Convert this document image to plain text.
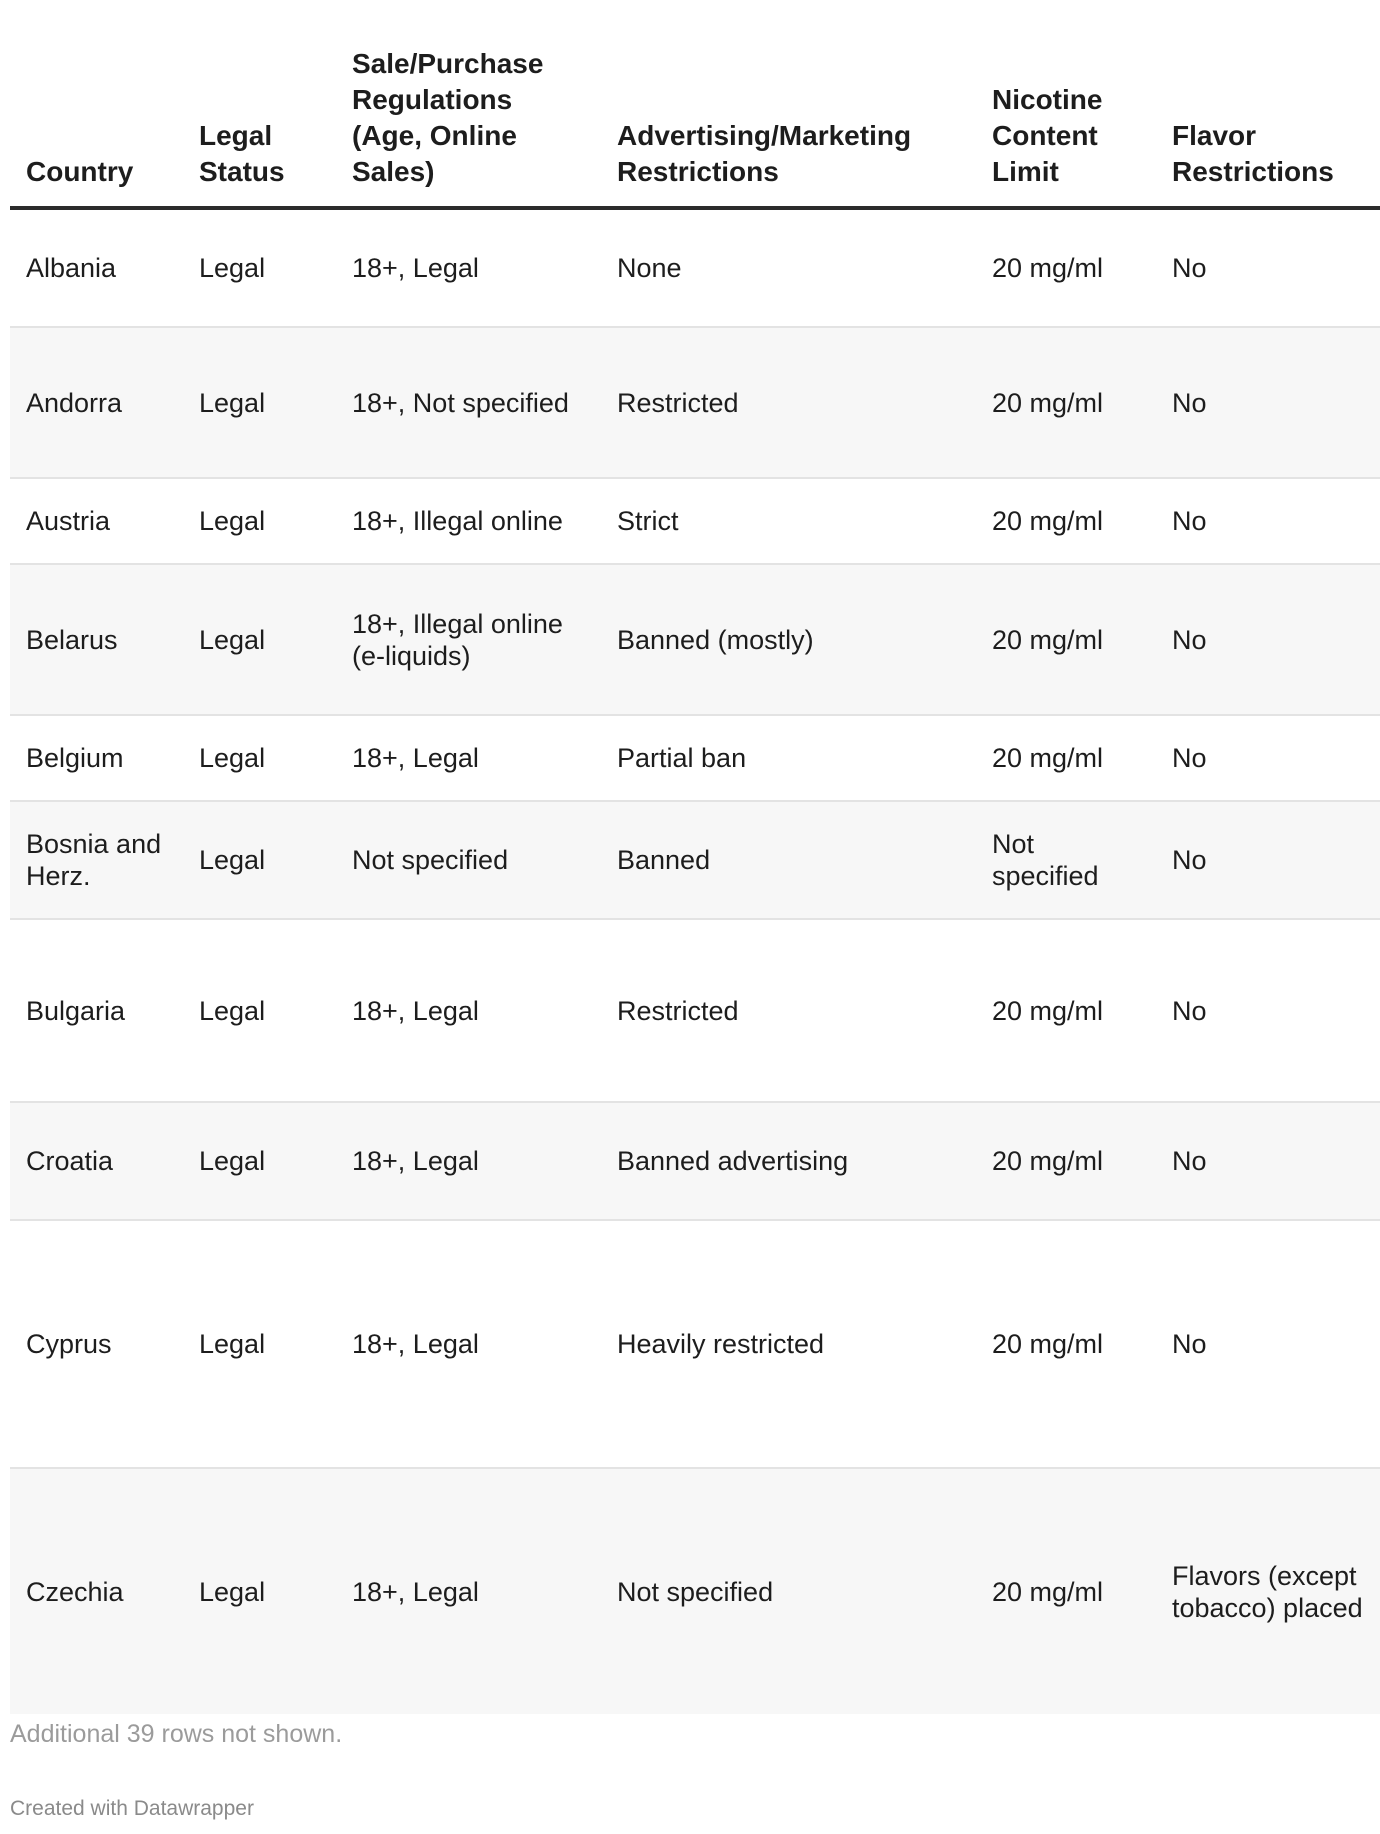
Country	Legal Status	Sale/Purchase Regulations (Age, Online Sales)	Advertising/Marketing Restrictions	Nicotine Content Limit	Flavor Restrictions
Albania	Legal	18+, Legal	None	20 mg/ml	No
Andorra	Legal	18+, Not specified	Restricted	20 mg/ml	No
Austria	Legal	18+, Illegal online	Strict	20 mg/ml	No
Belarus	Legal	18+, Illegal online (e-liquids)	Banned (mostly)	20 mg/ml	No
Belgium	Legal	18+, Legal	Partial ban	20 mg/ml	No
Bosnia and Herz.	Legal	Not specified	Banned	Not specified	No
Bulgaria	Legal	18+, Legal	Restricted	20 mg/ml	No
Croatia	Legal	18+, Legal	Banned advertising	20 mg/ml	No
Cyprus	Legal	18+, Legal	Heavily restricted	20 mg/ml	No
Czechia	Legal	18+, Legal	Not specified	20 mg/ml	Flavors (except tobacco) placed
Additional 39 rows not shown.
Created with Datawrapper
